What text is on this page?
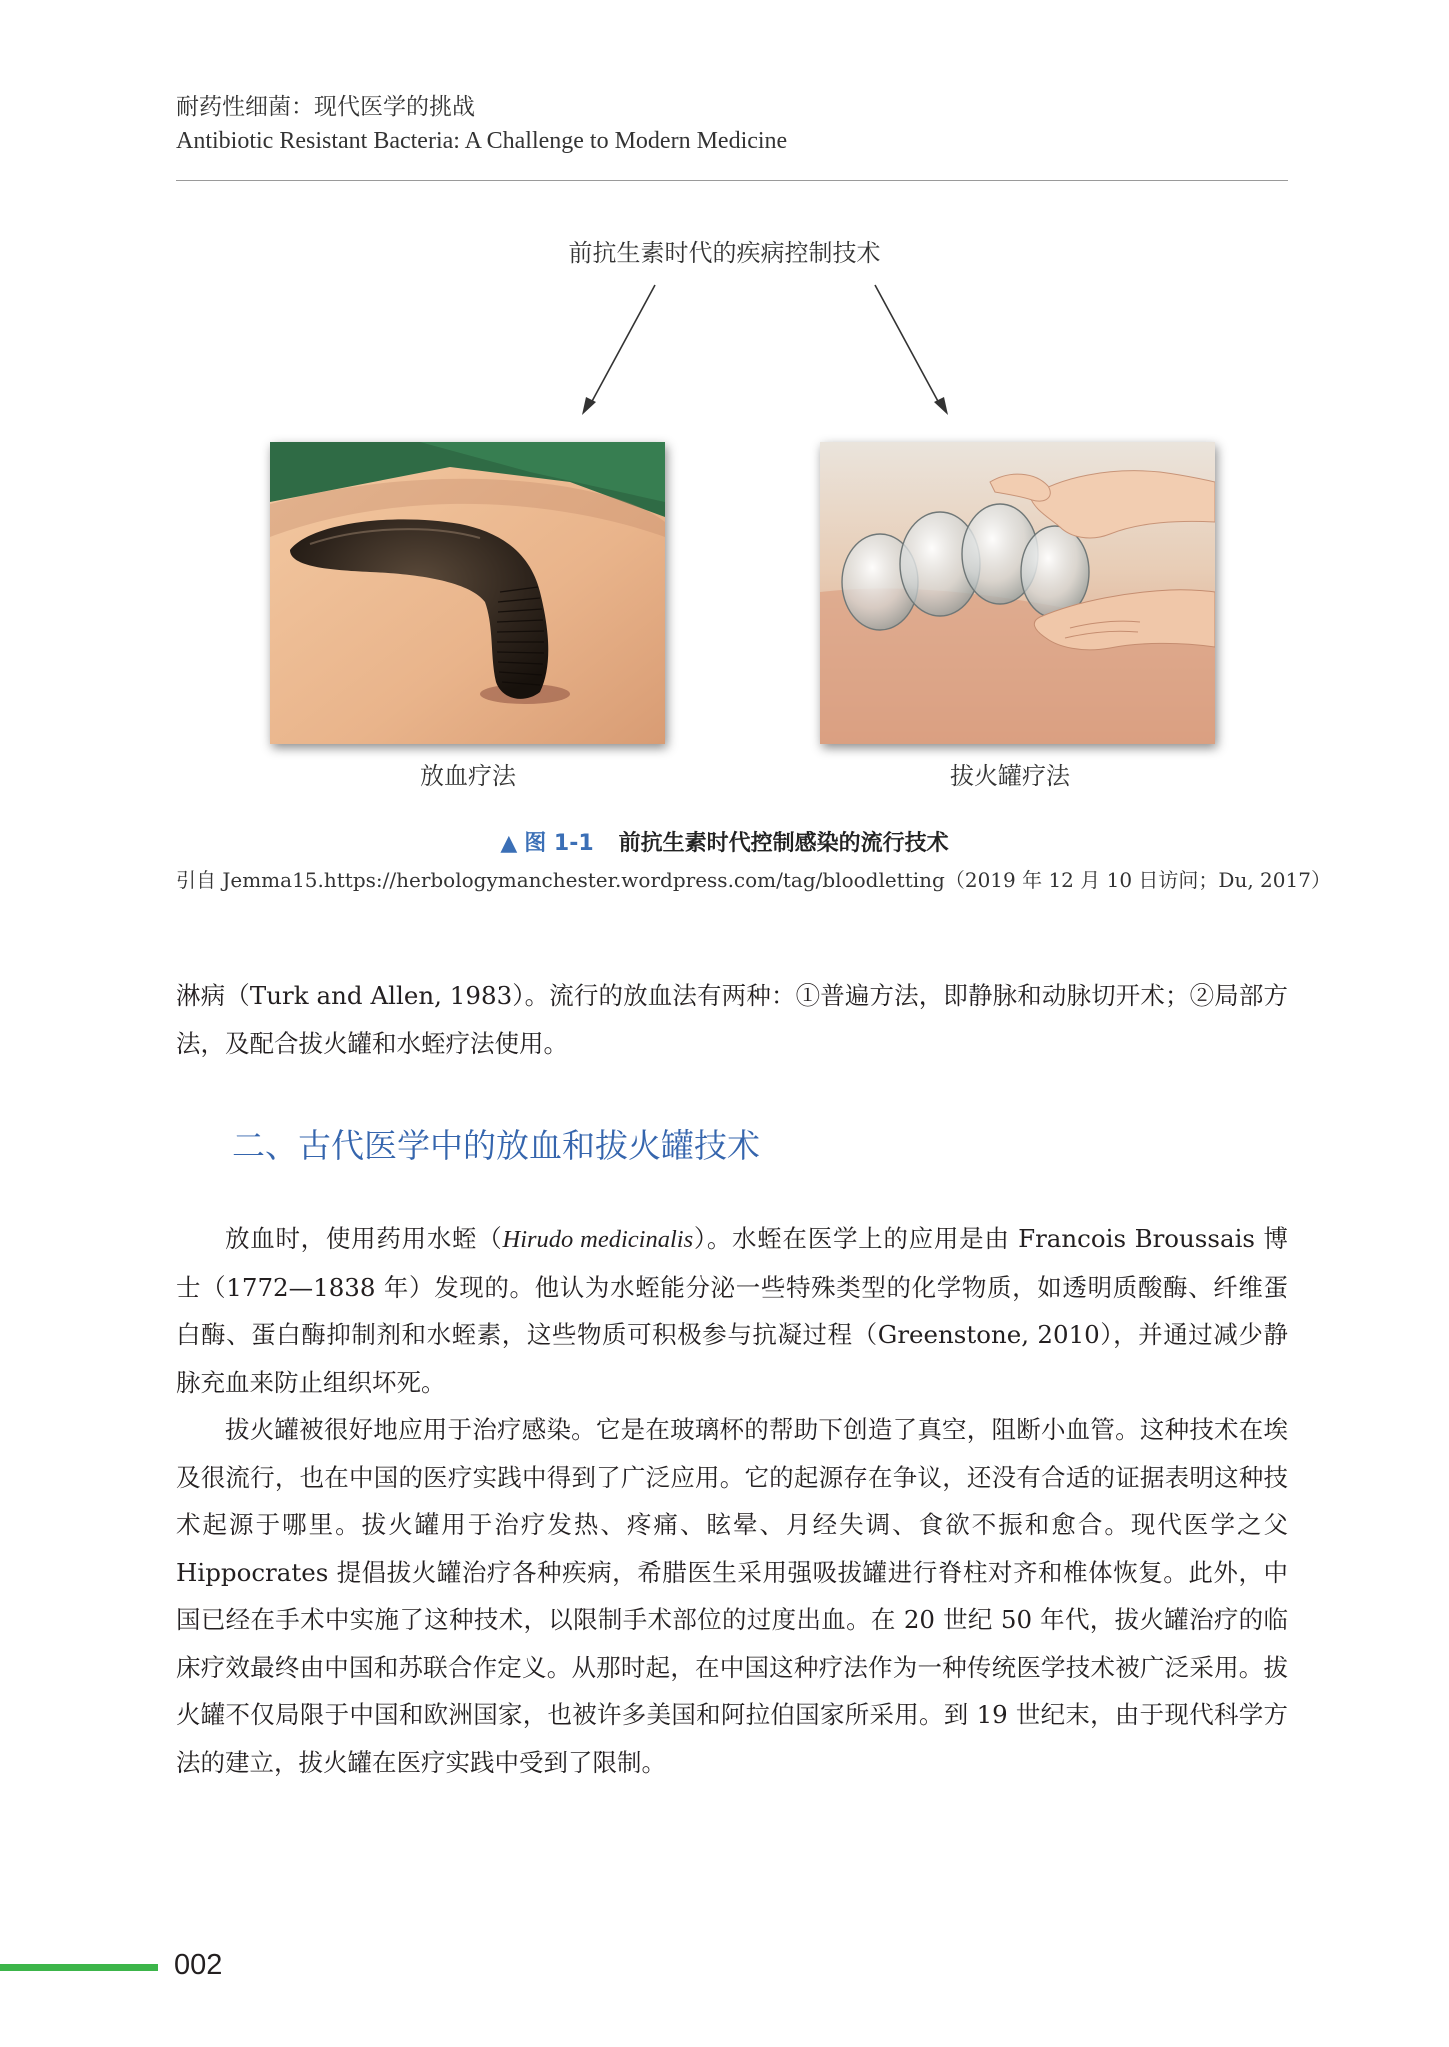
耐药性细菌：现代医学的挑战
Antibiotic Resistant Bacteria: A Challenge to Modern Medicine
前抗生素时代的疾病控制技术
放血疗法	拔火罐疗法
▲ 图 1-1 前抗生素时代控制感染的流行技术
引自 Jemma15.https://herbologymanchester.wordpress.com/tag/bloodletting（2019 年 12 月 10 日访问；Du, 2017）

淋病（Turk and Allen, 1983）。流行的放血法有两种：①普遍方法，即静脉和动脉切开术；②局部方法，及配合拔火罐和水蛭疗法使用。

二、古代医学中的放血和拔火罐技术

放血时，使用药用水蛭（Hirudo medicinalis）。水蛭在医学上的应用是由 Francois Broussais 博士（1772—1838 年）发现的。他认为水蛭能分泌一些特殊类型的化学物质，如透明质酸酶、纤维蛋白酶、蛋白酶抑制剂和水蛭素，这些物质可积极参与抗凝过程（Greenstone, 2010），并通过减少静脉充血来防止组织坏死。

拔火罐被很好地应用于治疗感染。它是在玻璃杯的帮助下创造了真空，阻断小血管。这种技术在埃及很流行，也在中国的医疗实践中得到了广泛应用。它的起源存在争议，还没有合适的证据表明这种技术起源于哪里。拔火罐用于治疗发热、疼痛、眩晕、月经失调、食欲不振和愈合。现代医学之父 Hippocrates 提倡拔火罐治疗各种疾病，希腊医生采用强吸拔罐进行脊柱对齐和椎体恢复。此外，中国已经在手术中实施了这种技术，以限制手术部位的过度出血。在 20 世纪 50 年代，拔火罐治疗的临床疗效最终由中国和苏联合作定义。从那时起，在中国这种疗法作为一种传统医学技术被广泛采用。拔火罐不仅局限于中国和欧洲国家，也被许多美国和阿拉伯国家所采用。到 19 世纪末，由于现代科学方法的建立，拔火罐在医疗实践中受到了限制。

002
